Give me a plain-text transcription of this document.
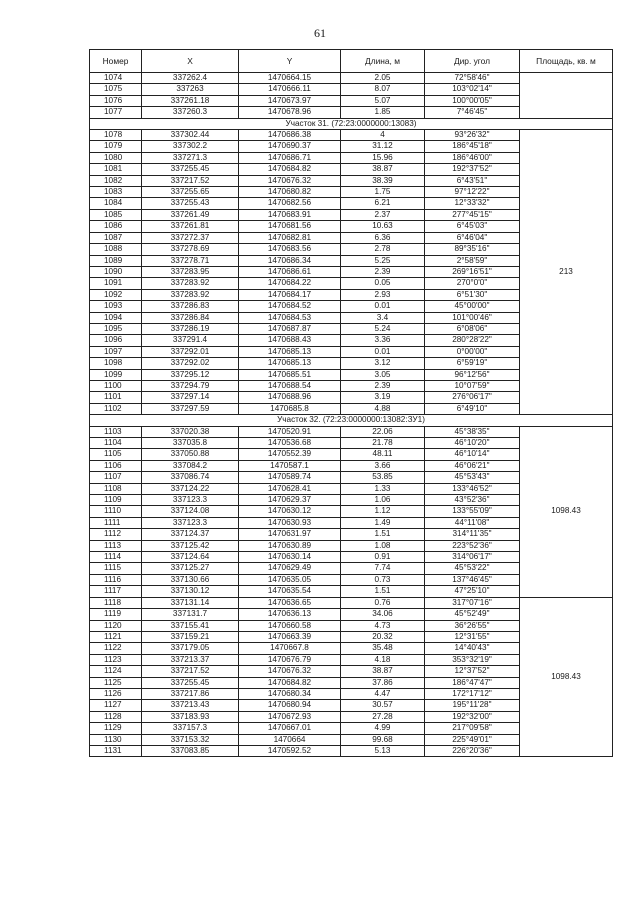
61
Номер	X	Y	Длина, м	Дир. угол	Площадь, кв. м
1074	337262.4	1470664.15	2.05	72°58'46"	
1075	337263	1470666.11	8.07	103°02'14"	
1076	337261.18	1470673.97	5.07	100°00'05"	
1077	337260.3	1470678.96	1.85	7°46'45"	
Участок 31. (72:23:0000000:13083)					
1078	337302.44	1470686.38	4	93°26'32"	213
1079	337302.2	1470690.37	31.12	186°45'18"	
1080	337271.3	1470686.71	15.96	186°46'00"	
1081	337255.45	1470684.82	38.87	192°37'52"	
1082	337217.52	1470676.32	38.39	6°43'51"	
1083	337255.65	1470680.82	1.75	97°12'22"	
1084	337255.43	1470682.56	6.21	12°33'32"	
1085	337261.49	1470683.91	2.37	277°45'15"	
1086	337261.81	1470681.56	10.63	6°45'03"	
1087	337272.37	1470682.81	6.36	6°46'04"	
1088	337278.69	1470683.56	2.78	89°35'16"	
1089	337278.71	1470686.34	5.25	2°58'59"	
1090	337283.95	1470686.61	2.39	269°16'51"	
1091	337283.92	1470684.22	0.05	270°0'0"	
1092	337283.92	1470684.17	2.93	6°51'30"	
1093	337286.83	1470684.52	0.01	45°00'00"	
1094	337286.84	1470684.53	3.4	101°00'46"	
1095	337286.19	1470687.87	5.24	6°08'06"	
1096	337291.4	1470688.43	3.36	280°28'22"	
1097	337292.01	1470685.13	0.01	0°00'00"	
1098	337292.02	1470685.13	3.12	6°59'19"	
1099	337295.12	1470685.51	3.05	96°12'56"	
1100	337294.79	1470688.54	2.39	10°07'59"	
1101	337297.14	1470688.96	3.19	276°06'17"	
1102	337297.59	1470685.8	4.88	6°49'10"	
Участок 32. (72:23:0000000:13082:ЗУ1)					
1103	337020.38	1470520.91	22.06	45°38'35"	1098.43
1104	337035.8	1470536.68	21.78	46°10'20"	
1105	337050.88	1470552.39	48.11	46°10'14"	
1106	337084.2	1470587.1	3.66	46°06'21"	
1107	337086.74	1470589.74	53.85	45°53'43"	
1108	337124.22	1470628.41	1.33	133°46'52"	
1109	337123.3	1470629.37	1.06	43°52'36"	
1110	337124.08	1470630.12	1.12	133°55'09"	
1111	337123.3	1470630.93	1.49	44°11'08"	
1112	337124.37	1470631.97	1.51	314°11'35"	
1113	337125.42	1470630.89	1.08	223°52'36"	
1114	337124.64	1470630.14	0.91	314°06'17"	
1115	337125.27	1470629.49	7.74	45°53'22"	
1116	337130.66	1470635.05	0.73	137°46'45"	
1117	337130.12	1470635.54	1.51	47°25'10"	
1118	337131.14	1470636.65	0.76	317°07'16"	1098.43
1119	337131.7	1470636.13	34.06	45°52'49"	
1120	337155.41	1470660.58	4.73	36°26'55"	
1121	337159.21	1470663.39	20.32	12°31'55"	
1122	337179.05	1470667.8	35.48	14°40'43"	
1123	337213.37	1470676.79	4.18	353°32'19"	
1124	337217.52	1470676.32	38.87	12°37'52"	
1125	337255.45	1470684.82	37.86	186°47'47"	
1126	337217.86	1470680.34	4.47	172°17'12"	
1127	337213.43	1470680.94	30.57	195°11'28"	
1128	337183.93	1470672.93	27.28	192°32'00"	
1129	337157.3	1470667.01	4.99	217°09'58"	
1130	337153.32	1470664	99.68	225°49'01"	
1131	337083.85	1470592.52	5.13	226°20'36"	
